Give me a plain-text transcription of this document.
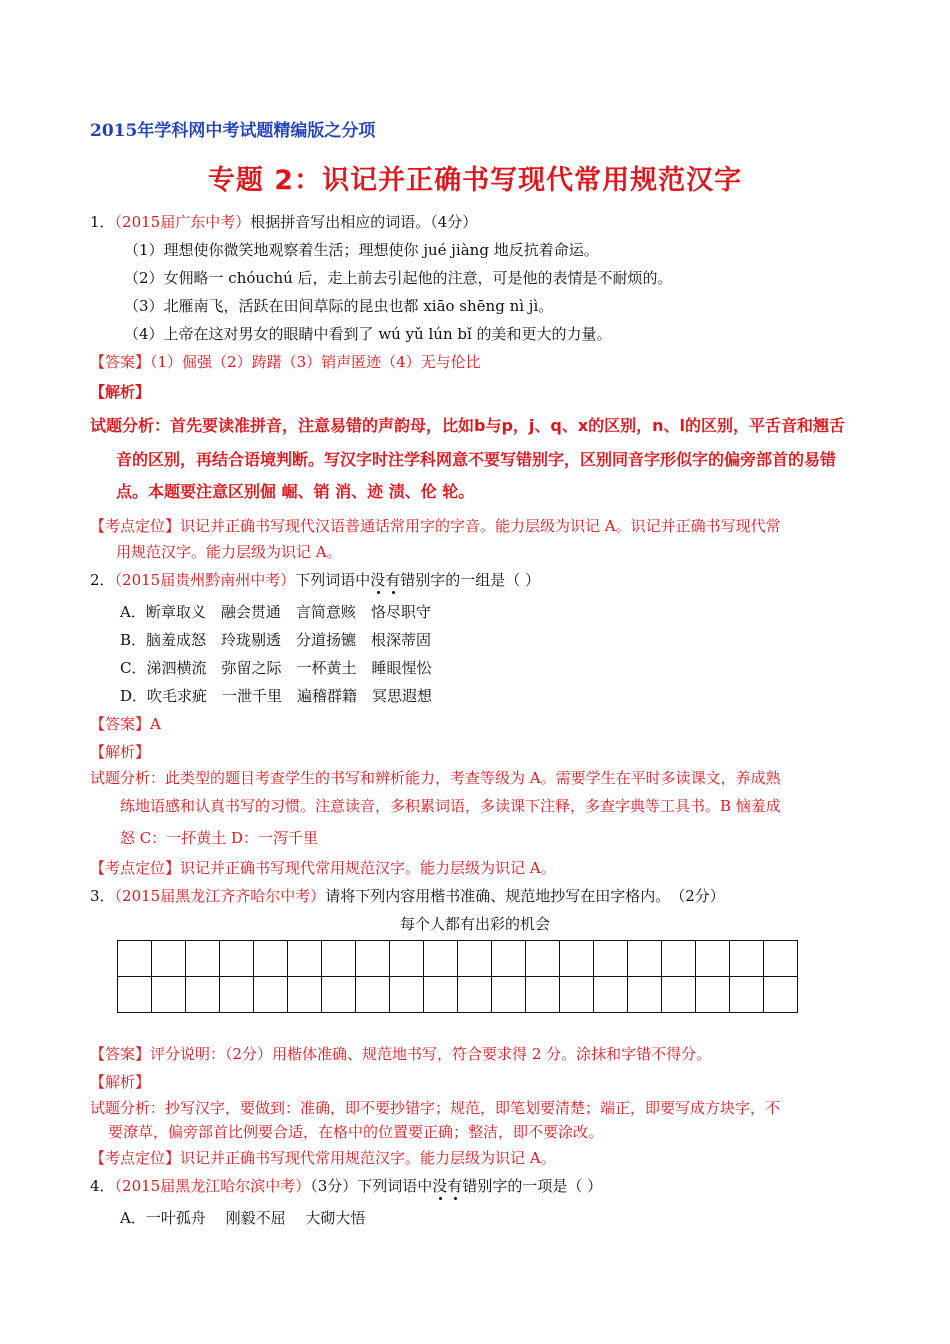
2015年学科网中考试题精编版之分项
专题 2：识记并正确书写现代常用规范汉字
1．（2015届广东中考）根据拼音写出相应的词语。（4分）
（1）理想使你微笑地观察着生活；理想使你 jué jiàng 地反抗着命运。
（2）女佣略一 chóuchú 后，走上前去引起他的注意，可是他的表情是不耐烦的。
（3）北雁南飞，活跃在田间草际的昆虫也都 xiāo shēng nì jì。
（4）上帝在这对男女的眼睛中看到了 wú yǔ lún bǐ 的美和更大的力量。
【答案】（1）倔强（2）踌躇（3）销声匿迹（4）无与伦比
【解析】
试题分析：首先要读准拼音，注意易错的声韵母，比如b与p，j、q、x的区别，n、l的区别，平舌音和翘舌
音的区别，再结合语境判断。写汉字时注学科网意不要写错别字，区别同音字形似字的偏旁部首的易错
点。本题要注意区别倔 崛、销 消、迹 渍、伦 轮。
【考点定位】识记并正确书写现代汉语普通话常用字的字音。能力层级为识记 A。识记并正确书写现代常
用规范汉字。能力层级为识记 A。
2．（2015届贵州黔南州中考）下列词语中没有错别字的一组是（ ）
A．断章取义　融会贯通　言简意赅　恪尽职守
B．脑羞成怒　玲珑剔透　分道扬镳　根深蒂固
C．涕泗横流　弥留之际　一杯黄土　睡眼惺忪
D．吹毛求疵　一泄千里　遍稽群籍　冥思遐想
【答案】A
【解析】
试题分析：此类型的题目考查学生的书写和辨析能力，考查等级为 A。需要学生在平时多读课文，养成熟
练地语感和认真书写的习惯。注意读音，多积累词语，多读课下注释，多查字典等工具书。B 恼羞成
怒 C：一抔黄土 D：一泻千里
【考点定位】识记并正确书写现代常用规范汉字。能力层级为识记 A。
3．（2015届黑龙江齐齐哈尔中考）请将下列内容用楷书准确、规范地抄写在田字格内。　（2分）
每个人都有出彩的机会

【答案】评分说明：（2分）用楷体准确、规范地书写，符合要求得 2 分。涂抹和字错不得分。
【解析】
试题分析：抄写汉字，要做到：准确，即不要抄错字；规范，即笔划要清楚；端正，即要写成方块字，不
要潦草，偏旁部首比例要合适，在格中的位置要正确；整洁，即不要涂改。
【考点定位】识记并正确书写现代常用规范汉字。能力层级为识记 A。
4．（2015届黑龙江哈尔滨中考）（3分）下列词语中没有错别字的一项是（ ）
A．一叶孤舟　 刚毅不屈　 大砌大悟
